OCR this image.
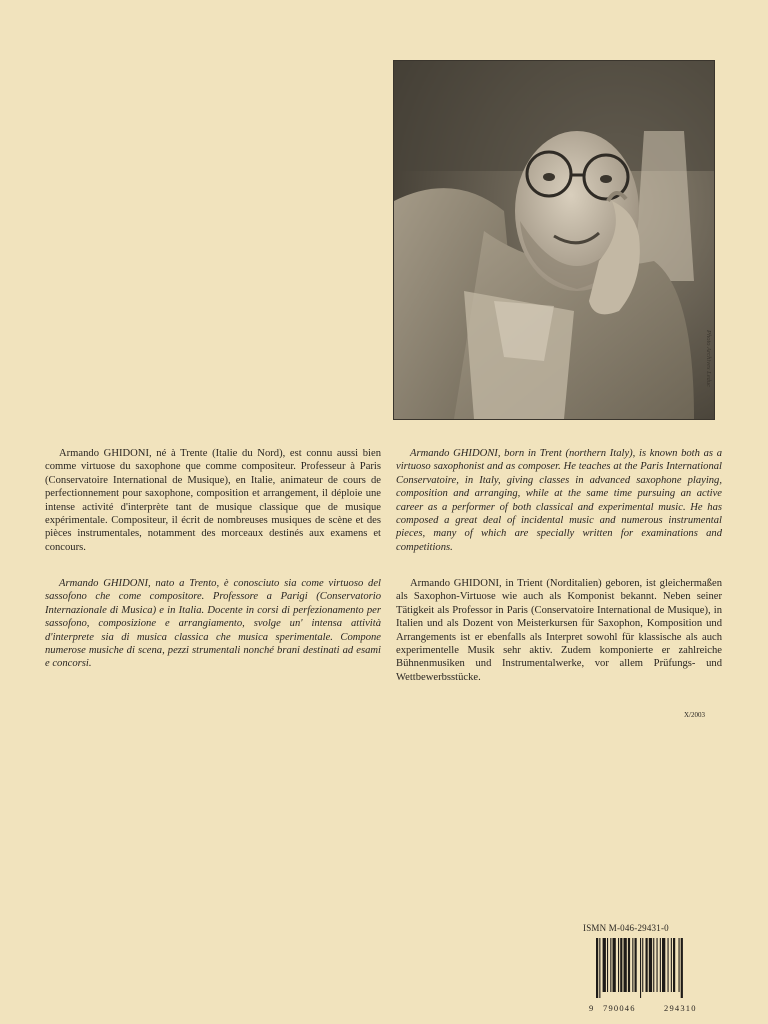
Photo Archives Leduc

Armando GHIDONI, né à Trente (Italie du Nord), est connu aussi bien comme virtuose du saxophone que comme compositeur. Professeur à Paris (Conservatoire International de Musique), en Italie, animateur de cours de perfectionnement pour saxophone, composition et arrangement, il déploie une intense activité d'interprète tant de musique classique que de musique expérimentale. Compositeur, il écrit de nombreuses musiques de scène et des pièces instrumentales, notamment des morceaux destinés aux examens et concours.

Armando GHIDONI, nato a Trento, è conosciuto sia come virtuoso del sassofono che come compositore. Professore a Parigi (Conservatorio Internazionale di Musica) e in Italia. Docente in corsi di perfezionamento per sassofono, composizione e arrangiamento, svolge un' intensa attività d'interprete sia di musica classica che musica sperimentale. Compone numerose musiche di scena, pezzi strumentali nonché brani destinati ad esami e concorsi.

Armando GHIDONI, born in Trent (northern Italy), is known both as a virtuoso saxophonist and as composer. He teaches at the Paris International Conservatoire, in Italy, giving classes in advanced saxophone playing, composition and arranging, while at the same time pursuing an active career as a performer of both classical and experimental music. He has composed a great deal of incidental music and numerous instrumental pieces, many of which are specially written for examinations and competitions.

Armando GHIDONI, in Trient (Norditalien) geboren, ist gleichermaßen als Saxophon-Virtuose wie auch als Komponist bekannt. Neben seiner Tätigkeit als Professor in Paris (Conservatoire International de Musique), in Italien und als Dozent von Meisterkursen für Saxophon, Komposition und Arrangements ist er ebenfalls als Interpret sowohl für klassische als auch experimentelle Musik sehr aktiv. Zudem komponierte er zahlreiche Bühnenmusiken und Instrumentalwerke, vor allem Prüfungs- und Wettbewerbsstücke.

X/2003
ISMN M-046-29431-0
9 790046	294310
